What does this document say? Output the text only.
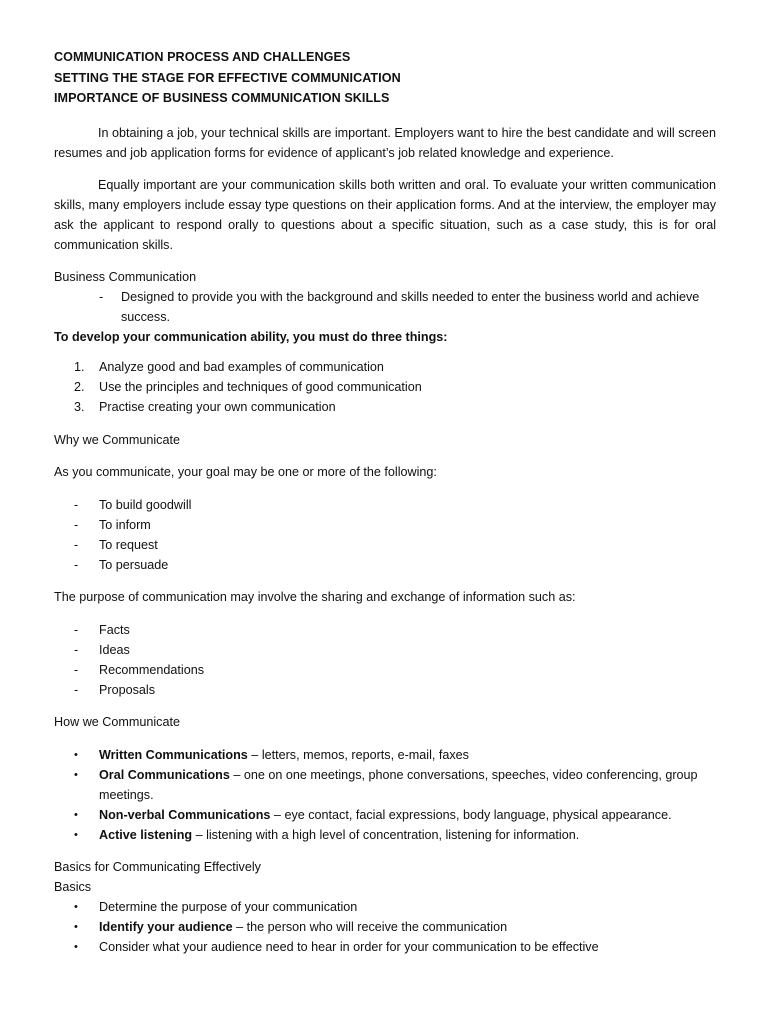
COMMUNICATION PROCESS AND CHALLENGES
SETTING THE STAGE FOR EFFECTIVE COMMUNICATION
IMPORTANCE OF BUSINESS COMMUNICATION SKILLS

In obtaining a job, your technical skills are important. Employers want to hire the best candidate and will screen resumes and job application forms for evidence of applicant’s job related knowledge and experience.

Equally important are your communication skills both written and oral. To evaluate your written communication skills, many employers include essay type questions on their application forms. And at the interview, the employer may ask the applicant to respond orally to questions about a specific situation, such as a case study, this is for oral communication skills.

Business Communication
- Designed to provide you with the background and skills needed to enter the business world and achieve success.
To develop your communication ability, you must do three things:
1. Analyze good and bad examples of communication
2. Use the principles and techniques of good communication
3. Practise creating your own communication
Why we Communicate
As you communicate, your goal may be one or more of the following:
- To build goodwill
- To inform
- To request
- To persuade
The purpose of communication may involve the sharing and exchange of information such as:
- Facts
- Ideas
- Recommendations
- Proposals
How we Communicate
• Written Communications – letters, memos, reports, e-mail, faxes
• Oral Communications – one on one meetings, phone conversations, speeches, video conferencing, group meetings.
• Non-verbal Communications – eye contact, facial expressions, body language, physical appearance.
• Active listening – listening with a high level of concentration, listening for information.
Basics for Communicating Effectively
Basics
• Determine the purpose of your communication
• Identify your audience – the person who will receive the communication
• Consider what your audience need to hear in order for your communication to be effective
